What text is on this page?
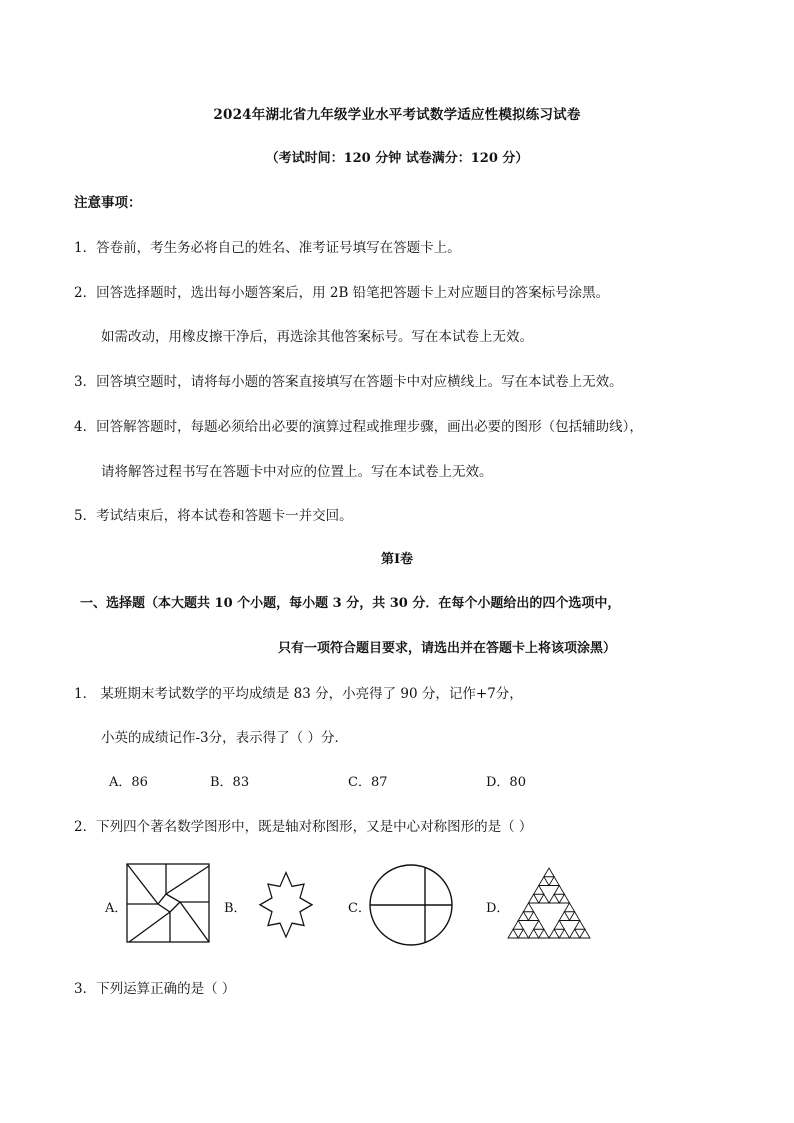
2024年湖北省九年级学业水平考试数学适应性模拟练习试卷
（考试时间：120 分钟 试卷满分：120 分）
注意事项：
1．答卷前，考生务必将自己的姓名、准考证号填写在答题卡上。
2．回答选择题时，选出每小题答案后，用 2B 铅笔把答题卡上对应题目的答案标号涂黑。
如需改动，用橡皮擦干净后，再选涂其他答案标号。写在本试卷上无效。
3．回答填空题时，请将每小题的答案直接填写在答题卡中对应横线上。写在本试卷上无效。
4．回答解答题时，每题必须给出必要的演算过程或推理步骤，画出必要的图形（包括辅助线），
请将解答过程书写在答题卡中对应的位置上。写在本试卷上无效。
5．考试结束后，将本试卷和答题卡一并交回。
第Ⅰ卷
一、选择题（本大题共 10 个小题，每小题 3 分，共 30 分．在每个小题给出的四个选项中，
只有一项符合题目要求，请选出并在答题卡上将该项涂黑）
1． 某班期末考试数学的平均成绩是 83 分，小亮得了 90 分，记作+7分，
小英的成绩记作-3分，表示得了（ ）分．
A．86	B．83	C．87	D．80
2．下列四个著名数学图形中，既是轴对称图形，又是中心对称图形的是（ ）
A．	B．	C．	D．
3．下列运算正确的是（ ）
